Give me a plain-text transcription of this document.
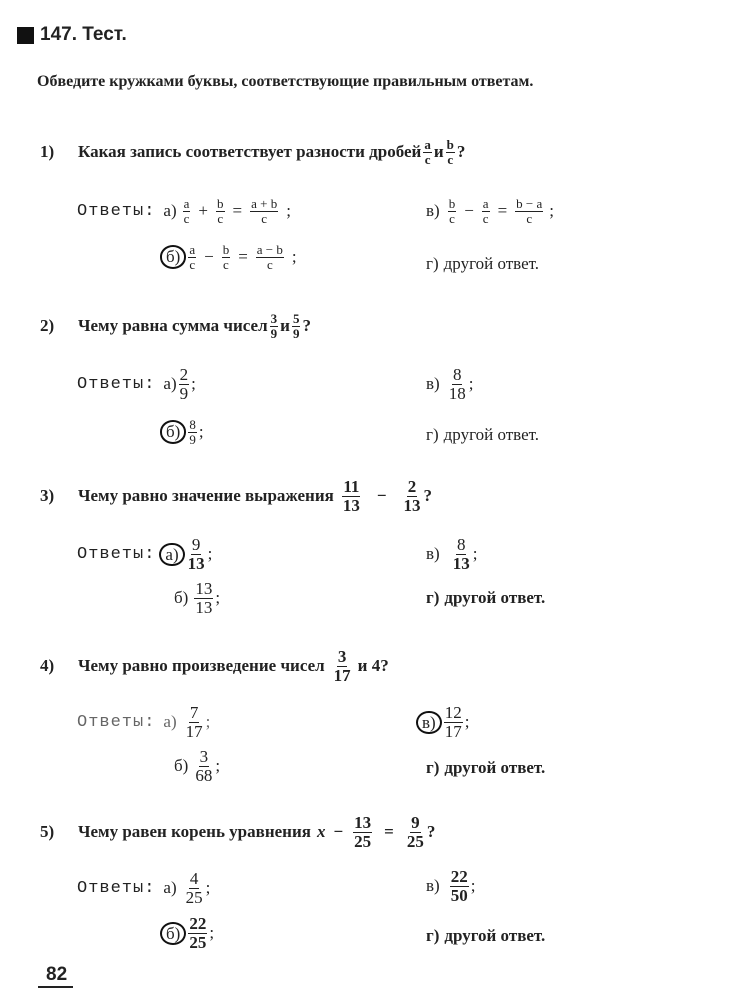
147. Тест.
Обведите кружками буквы, соответствующие правильным ответам.
1)	Какая запись соответствует разности дробей a
c и b
c ?
Ответы: а) a
$c + \frac{b}{c} = \frac{a + b}{c}$ ;	в) b
$c - \frac{a}{c} = \frac{b - a}{c}$ ;
б) a
$c - \frac{b}{c} = \frac{a - b}{c}$ ;	г) другой ответ.
2)	Чему равна сумма чисел 3
9 и 5
9 ?
Ответы: а) 2
9 ;	в) 8
18 ;
б) 8
9 ;	г) другой ответ.
3)	Чему равно значение выражения 11
$13 - \frac{2}{13}$ ?
Ответы: а)
9
13 ;	в) 8
13 ;
б) 13
13 ;	г) другой ответ.
4)	Чему равно произведение чисел 3
17 и 4?
Ответы: а) 7
17 ;	в)
12
17 ;
б) 3
68 ;	г) другой ответ.
5)	Чему равен корень уравнения $x - \frac{13}{25} = \frac{9}{25}$ ?
Ответы: а) 4
25 ;	в) 22
50 ;
б)
22
25 ;	г) другой ответ.
82
